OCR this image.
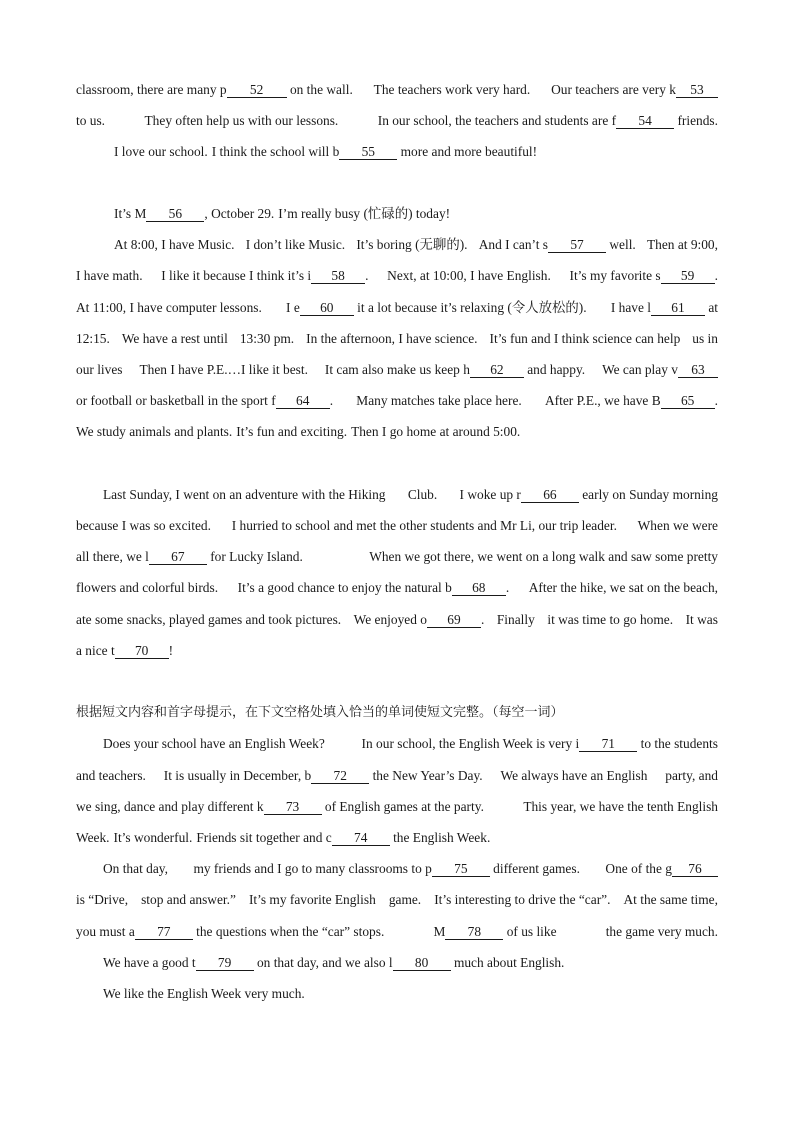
classroom, there are many p 52 on the wall. The teachers work very hard. Our teachers are very k 53
to us.	They often help us with our lessons.	In our school, the teachers and students are f 54 friends.
I love our school. I think the school will b 55 more and more beautiful!
It’s M 56 , October 29. I’m really busy (忙碌的) today!
At 8:00, I have Music. I don’t like Music. It’s boring (无聊的). And I can’t s 57 well. Then at 9:00,
I have math. I like it because I think it’s i 58 . Next, at 10:00, I have English. It’s my favorite s 59 .
At 11:00, I have computer lessons. I e 60 it a lot because it’s relaxing (令人放松的). I have l 61 at
12:15. We have a rest until 13:30 pm. In the afternoon, I have science. It’s fun and I think science can help us in
our lives Then I have P.E.…I like it best. It cam also make us keep h 62 and happy. We can play v 63
or football or basketball in the sport f 64 . Many matches take place here. After P.E., we have B 65 .
We study animals and plants. It’s fun and exciting. Then I go home at around 5:00.
Last Sunday, I went on an adventure with the Hiking Club. I woke up r 66 early on Sunday morning
because I was so excited. I hurried to school and met the other students and Mr Li, our trip leader. When we were
all there, we l 67 for Lucky Island.	When we got there, we went on a long walk and saw some pretty
flowers and colorful birds. It’s a good chance to enjoy the natural b 68 . After the hike, we sat on the beach,
ate some snacks, played games and took pictures. We enjoyed o 69 . Finally it was time to go home. It was
a nice t 70 !
根据短文内容和首字母提示，在下文空格处填入恰当的单词使短文完整。（每空一词）
Does your school have an English Week?	In our school, the English Week is very i 71 to the students
and teachers. It is usually in December, b 72 the New Year’s Day. We always have an English party, and
we sing, dance and play different k 73 of English games at the party.	This year, we have the tenth English
Week. It’s wonderful. Friends sit together and c 74 the English Week.
On that day, my friends and I go to many classrooms to p 75 different games. One of the g 76
is “Drive, stop and answer.” It’s my favorite English game. It’s interesting to drive the “car”. At the same time,
you must a 77 the questions when the “car” stops.	M 78 of us like	the game very much.
We have a good t 79 on that day, and we also l 80 much about English.
We like the English Week very much.
